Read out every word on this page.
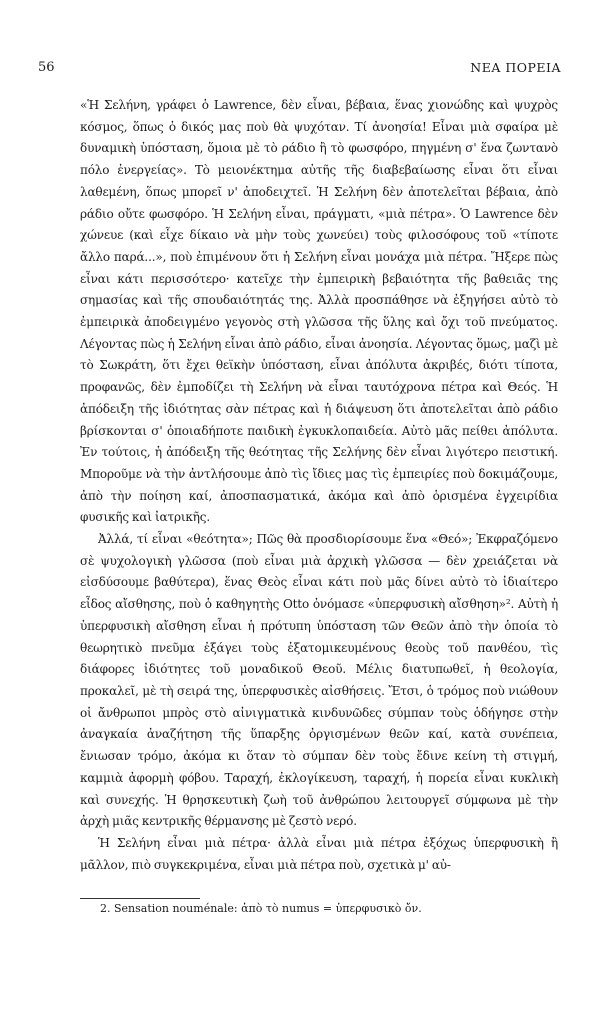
56	ΝΕΑ ΠΟΡΕΙΑ

«Ἡ Σελήνη, γράφει ὁ Lawrence, δὲν εἶναι, βέβαια, ἕνας χιονώδης καὶ ψυχρὸς κόσμος, ὅπως ὁ δικός μας ποὺ θὰ ψυχόταν. Τί ἀνοησία! Εἶναι μιὰ σφαίρα μὲ δυναμικὴ ὑπόσταση, ὅμοια μὲ τὸ ράδιο ἢ τὸ φωσφόρο, πηγμένη σ' ἕνα ζωντανὸ πόλο ἐνεργείας». Τὸ μειονέκτημα αὐτῆς τῆς διαβεβαίωσης εἶναι ὅτι εἶναι λαθεμένη, ὅπως μπορεῖ ν' ἀποδειχτεῖ. Ἡ Σελήνη δὲν ἀποτελεῖται βέβαια, ἀπὸ ράδιο οὔτε φωσφόρο. Ἡ Σελήνη εἶναι, πράγματι, «μιὰ πέτρα». Ὁ Lawrence δὲν χώνευε (καὶ εἶχε δίκαιο νὰ μὴν τοὺς χωνεύει) τοὺς φιλοσόφους τοῦ «τίποτε ἄλλο παρά...», ποὺ ἐπιμένουν ὅτι ἡ Σελήνη εἶναι μονάχα μιὰ πέτρα. Ἤξερε πὼς εἶναι κάτι περισσότερο· κατεῖχε τὴν ἐμπειρικὴ βεβαιότητα τῆς βαθειᾶς της σημασίας καὶ τῆς σπουδαιότητάς της. Ἀλλὰ προσπάθησε νὰ ἐξηγήσει αὐτὸ τὸ ἐμπειρικὰ ἀποδειγμένο γεγονὸς στὴ γλῶσσα τῆς ὕλης καὶ ὄχι τοῦ πνεύματος. Λέγοντας πὼς ἡ Σελήνη εἶναι ἀπὸ ράδιο, εἶναι ἀνοησία. Λέγοντας ὅμως, μαζὶ μὲ τὸ Σωκράτη, ὅτι ἔχει θεϊκὴν ὑπόσταση, εἶναι ἀπόλυτα ἀκριβές, διότι τίποτα, προφανῶς, δὲν ἐμποδίζει τὴ Σελήνη νὰ εἶναι ταυτόχρονα πέτρα καὶ Θεός. Ἡ ἀπόδειξη τῆς ἰδιότητας σὰν πέτρας καὶ ἡ διάψευση ὅτι ἀποτελεῖται ἀπὸ ράδιο βρίσκονται σ' ὁποιαδήποτε παιδικὴ ἐγκυκλοπαιδεία. Αὐτὸ μᾶς πείθει ἀπόλυτα. Ἐν τούτοις, ἡ ἀπόδειξη τῆς θεότητας τῆς Σελήνης δὲν εἶναι λιγότερο πειστική. Μποροῦμε νὰ τὴν ἀντλήσουμε ἀπὸ τὶς ἴδιες μας τὶς ἐμπειρίες ποὺ δοκιμάζουμε, ἀπὸ τὴν ποίηση καί, ἀποσπασματικά, ἀκόμα καὶ ἀπὸ ὁρισμένα ἐγχειρίδια φυσικῆς καὶ ἰατρικῆς.

Ἀλλά, τί εἶναι «θεότητα»; Πῶς θὰ προσδιορίσουμε ἕνα «Θεό»; Ἐκφραζόμενο σὲ ψυχολογικὴ γλῶσσα (ποὺ εἶναι μιὰ ἀρχικὴ γλῶσσα — δὲν χρειάζεται νὰ εἰσδύσουμε βαθύτερα), ἕνας Θεὸς εἶναι κάτι ποὺ μᾶς δίνει αὐτὸ τὸ ἰδιαίτερο εἶδος αἴσθησης, ποὺ ὁ καθηγητὴς Otto ὀνόμασε «ὑπερφυσικὴ αἴσθηση»². Αὐτὴ ἡ ὑπερφυσικὴ αἴσθηση εἶναι ἡ πρότυπη ὑπόσταση τῶν Θεῶν ἀπὸ τὴν ὁποία τὸ θεωρητικὸ πνεῦμα ἐξάγει τοὺς ἐξατομικευμένους θεοὺς τοῦ πανθέου, τὶς διάφορες ἰδιότητες τοῦ μοναδικοῦ Θεοῦ. Μέλις διατυπωθεῖ, ἡ θεολογία, προκαλεῖ, μὲ τὴ σειρά της, ὑπερφυσικὲς αἰσθήσεις. Ἔτσι, ὁ τρόμος ποὺ νιώθουν οἱ ἄνθρωποι μπρὸς στὸ αἰνιγματικὰ κινδυνῶδες σύμπαν τοὺς ὁδήγησε στὴν ἀναγκαία ἀναζήτηση τῆς ὕπαρξης ὀργισμένων θεῶν καί, κατὰ συνέπεια, ἔνιωσαν τρόμο, ἀκόμα κι ὅταν τὸ σύμπαν δὲν τοὺς ἔδινε κείνη τὴ στιγμή, καμμιὰ ἀφορμὴ φόβου. Ταραχή, ἐκλογίκευση, ταραχή, ἡ πορεία εἶναι κυκλικὴ καὶ συνεχής. Ἡ θρησκευτικὴ ζωὴ τοῦ ἀνθρώπου λειτουργεῖ σύμφωνα μὲ τὴν ἀρχὴ μιᾶς κεντρικῆς θέρμανσης μὲ ζεστὸ νερό.

Ἡ Σελήνη εἶναι μιὰ πέτρα· ἀλλὰ εἶναι μιὰ πέτρα ἐξόχως ὑπερφυσικὴ ἢ μᾶλλον, πιὸ συγκεκριμένα, εἶναι μιὰ πέτρα ποὺ, σχετικὰ μ' αὐ-

2. Sensation nouménale: ἀπὸ τὸ numus = ὑπερφυσικὸ ὄν.
